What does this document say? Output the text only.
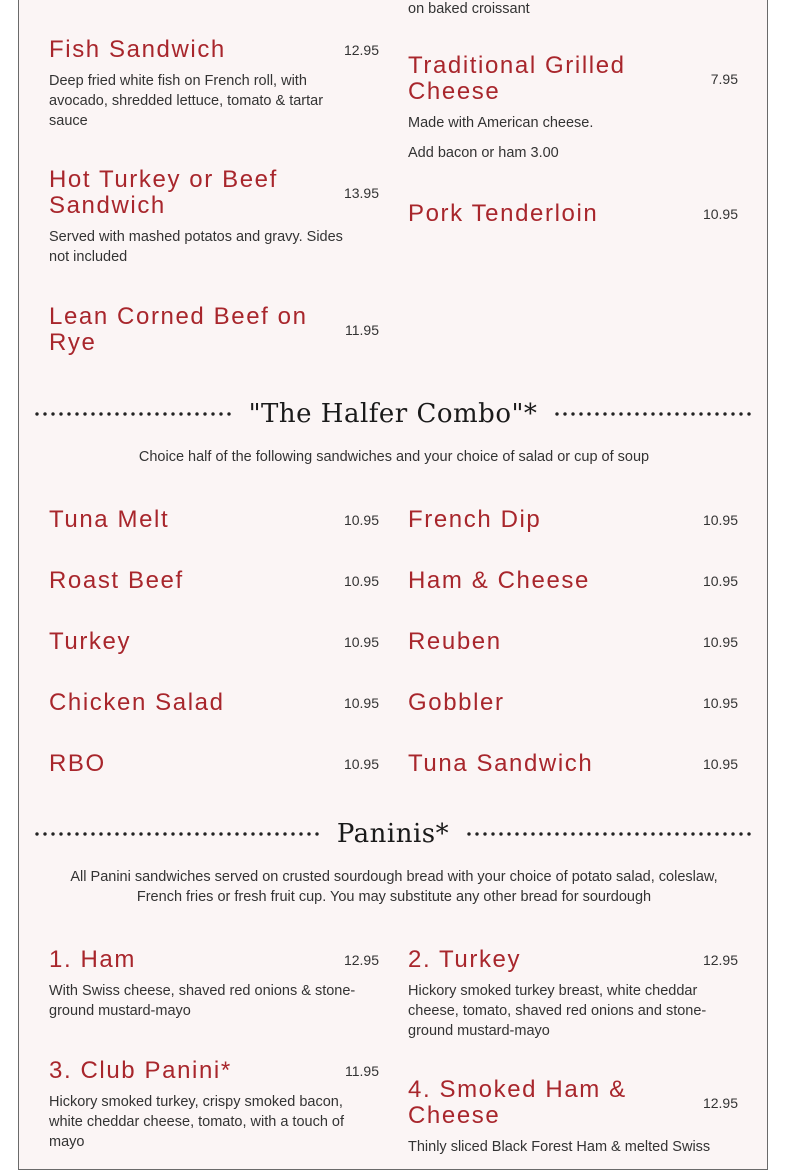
on baked croissant
Fish Sandwich	12.95
Deep fried white fish on French roll, with avocado, shredded lettuce, tomato & tartar sauce
Hot Turkey or Beef Sandwich	13.95
Served with mashed potatos and gravy. Sides not included
Lean Corned Beef on Rye	11.95
Traditional Grilled Cheese	7.95
Made with American cheese.
Add bacon or ham 3.00
Pork Tenderloin	10.95
"The Halfer Combo"*
Choice half of the following sandwiches and your choice of salad or cup of soup
Tuna Melt	10.95
Roast Beef	10.95
Turkey	10.95
Chicken Salad	10.95
RBO	10.95
French Dip	10.95
Ham & Cheese	10.95
Reuben	10.95
Gobbler	10.95
Tuna Sandwich	10.95
Paninis*
All Panini sandwiches served on crusted sourdough bread with your choice of potato salad, coleslaw, French fries or fresh fruit cup. You may substitute any other bread for sourdough
1. Ham	12.95
With Swiss cheese, shaved red onions & stone-ground mustard-mayo
3. Club Panini*	11.95
Hickory smoked turkey, crispy smoked bacon, white cheddar cheese, tomato, with a touch of mayo
2. Turkey	12.95
Hickory smoked turkey breast, white cheddar cheese, tomato, shaved red onions and stone-ground mustard-mayo
4. Smoked Ham & Cheese	12.95
Thinly sliced Black Forest Ham & melted Swiss
